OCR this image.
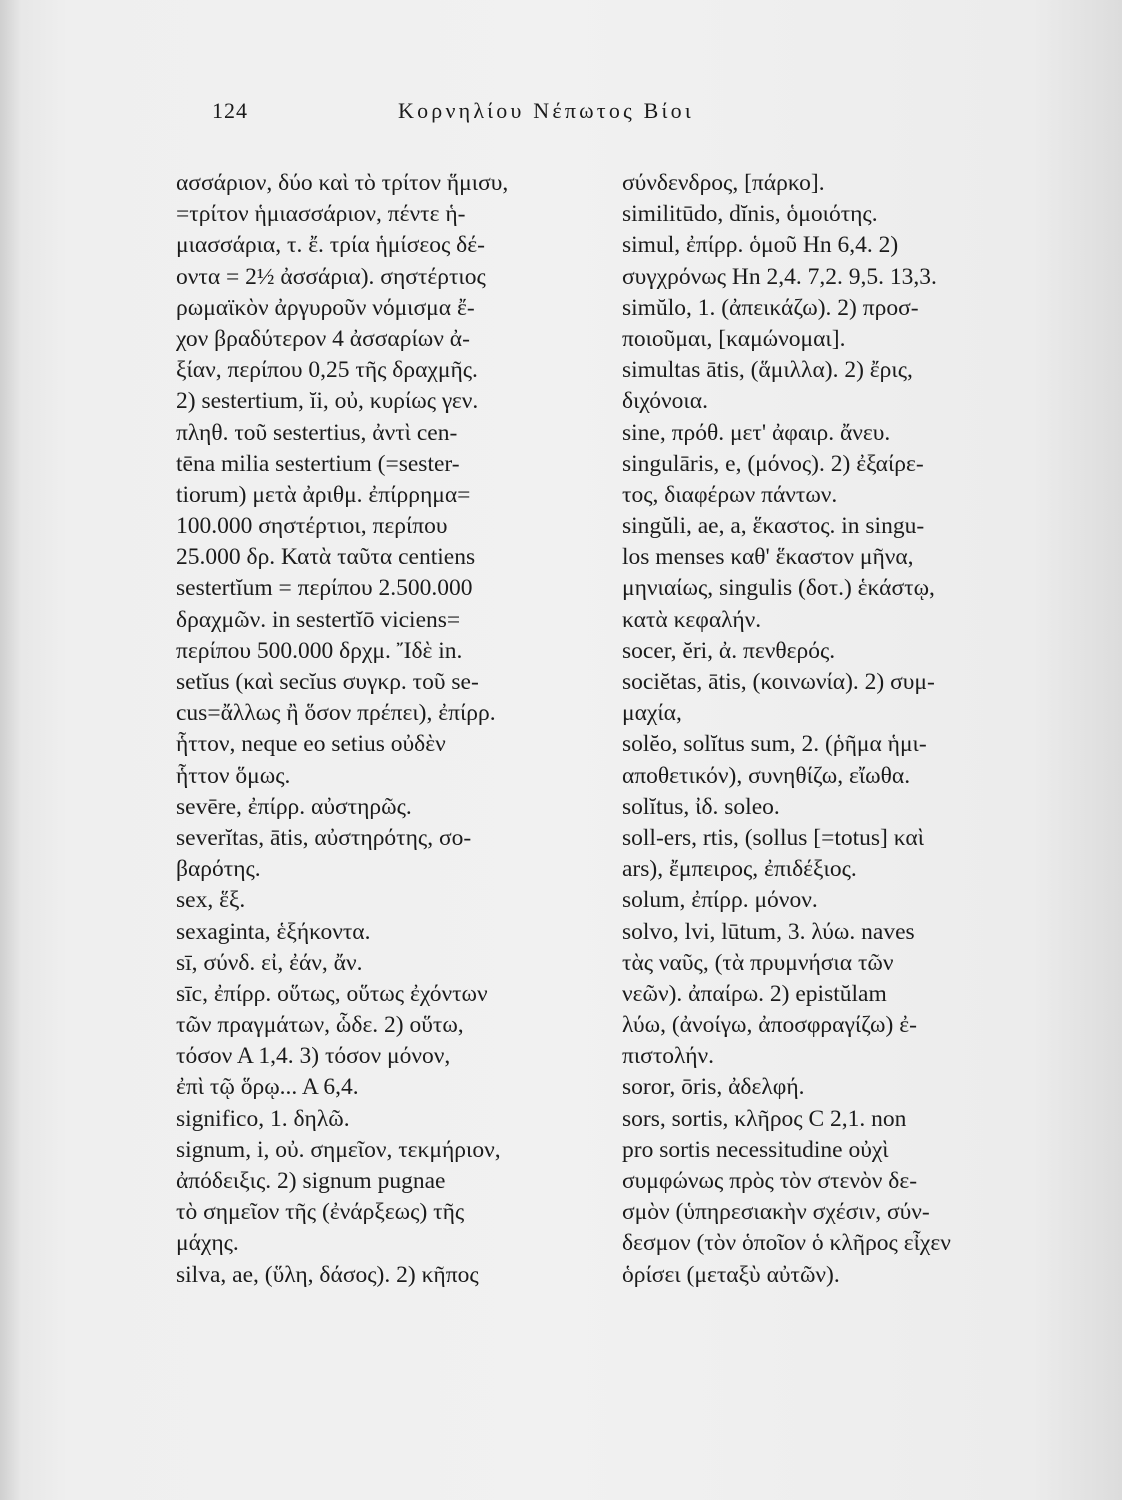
124	Κορνηλίου Νέπωτος Βίοι
ασσάριον, δύο καὶ τὸ τρίτον ἥμισυ,
=τρίτον ἡμιασσάριον, πέντε ἡ-
μιασσάρια, τ. ἔ. τρία ἡμίσεος δέ-
οντα = 2½ ἀσσάρια). σηστέρτιος
ρωμαϊκὸν ἀργυροῦν νόμισμα ἔ-
χον βραδύτερον 4 ἀσσαρίων ἀ-
ξίαν, περίπου 0,25 τῆς δραχμῆς.
2) sestertium, ĭi, οὐ, κυρίως γεν.
πληθ. τοῦ sestertius, ἀντὶ cen-
tēna milia sestertium (=sester-
tiorum) μετὰ ἀριθμ. ἐπίρρημα=
100.000 σηστέρτιοι, περίπου
25.000 δρ. Κατὰ ταῦτα centiens
sestertĭum = περίπου 2.500.000
δραχμῶν. in sestertĭō viciens=
περίπου 500.000 δρχμ. Ἴδὲ in.
setĭus (καὶ secĭus συγκρ. τοῦ se-
cus=ἄλλως ἢ ὅσον πρέπει), ἐπίρρ.
ἧττον, neque eo setius οὐδὲν
ἧττον ὅμως.
sevēre, ἐπίρρ. αὐστηρῶς.
severĭtas, ātis, αὐστηρότης, σο-
βαρότης.
sex, ἕξ.
sexaginta, ἑξήκοντα.
sī, σύνδ. εἰ, ἐάν, ἄν.
sīc, ἐπίρρ. οὕτως, οὕτως ἐχόντων
τῶν πραγμάτων, ὧδε. 2) οὕτω,
τόσον Α 1,4. 3) τόσον μόνον,
ἐπὶ τῷ ὅρῳ... Α 6,4.
significo, 1. δηλῶ.
signum, i, οὐ. σημεῖον, τεκμήριον,
ἀπόδειξις. 2) signum pugnae
τὸ σημεῖον τῆς (ἐνάρξεως) τῆς
μάχης.
silva, ae, (ὕλη, δάσος). 2) κῆπος
σύνδενδρος, [πάρκο].
similitūdo, dĭnis, ὁμοιότης.
simul, ἐπίρρ. ὁμοῦ Hn 6,4. 2)
συγχρόνως Hn 2,4. 7,2. 9,5. 13,3.
simŭlo, 1. (ἀπεικάζω). 2) προσ-
ποιοῦμαι, [καμώνομαι].
simultas ātis, (ἅμιλλα). 2) ἔρις,
διχόνοια.
sine, πρόθ. μετ' ἀφαιρ. ἄνευ.
singulāris, e, (μόνος). 2) ἐξαίρε-
τος, διαφέρων πάντων.
singŭli, ae, a, ἕκαστος. in singu-
los menses καθ' ἕκαστον μῆνα,
μηνιαίως, singulis (δοτ.) ἑκάστῳ,
κατὰ κεφαλήν.
socer, ĕri, ἀ. πενθερός.
sociĕtas, ātis, (κοινωνία). 2) συμ-
μαχία,
solĕo, solĭtus sum, 2. (ῥῆμα ἡμι-
αποθετικόν), συνηθίζω, εἴωθα.
solĭtus, ἰδ. soleo.
soll-ers, rtis, (sollus [=totus] καὶ
ars), ἔμπειρος, ἐπιδέξιος.
solum, ἐπίρρ. μόνον.
solvo, lvi, lūtum, 3. λύω. naves
τὰς ναῦς, (τὰ πρυμνήσια τῶν
νεῶν). ἀπαίρω. 2) epistŭlam
λύω, (ἀνοίγω, ἀποσφραγίζω) ἐ-
πιστολήν.
soror, ōris, ἀδελφή.
sors, sortis, κλῆρος C 2,1. non
pro sortis necessitudine οὐχὶ
συμφώνως πρὸς τὸν στενὸν δε-
σμὸν (ὑπηρεσιακὴν σχέσιν, σύν-
δεσμον (τὸν ὁποῖον ὁ κλῆρος εἶχεν
ὁρίσει (μεταξὺ αὐτῶν).
